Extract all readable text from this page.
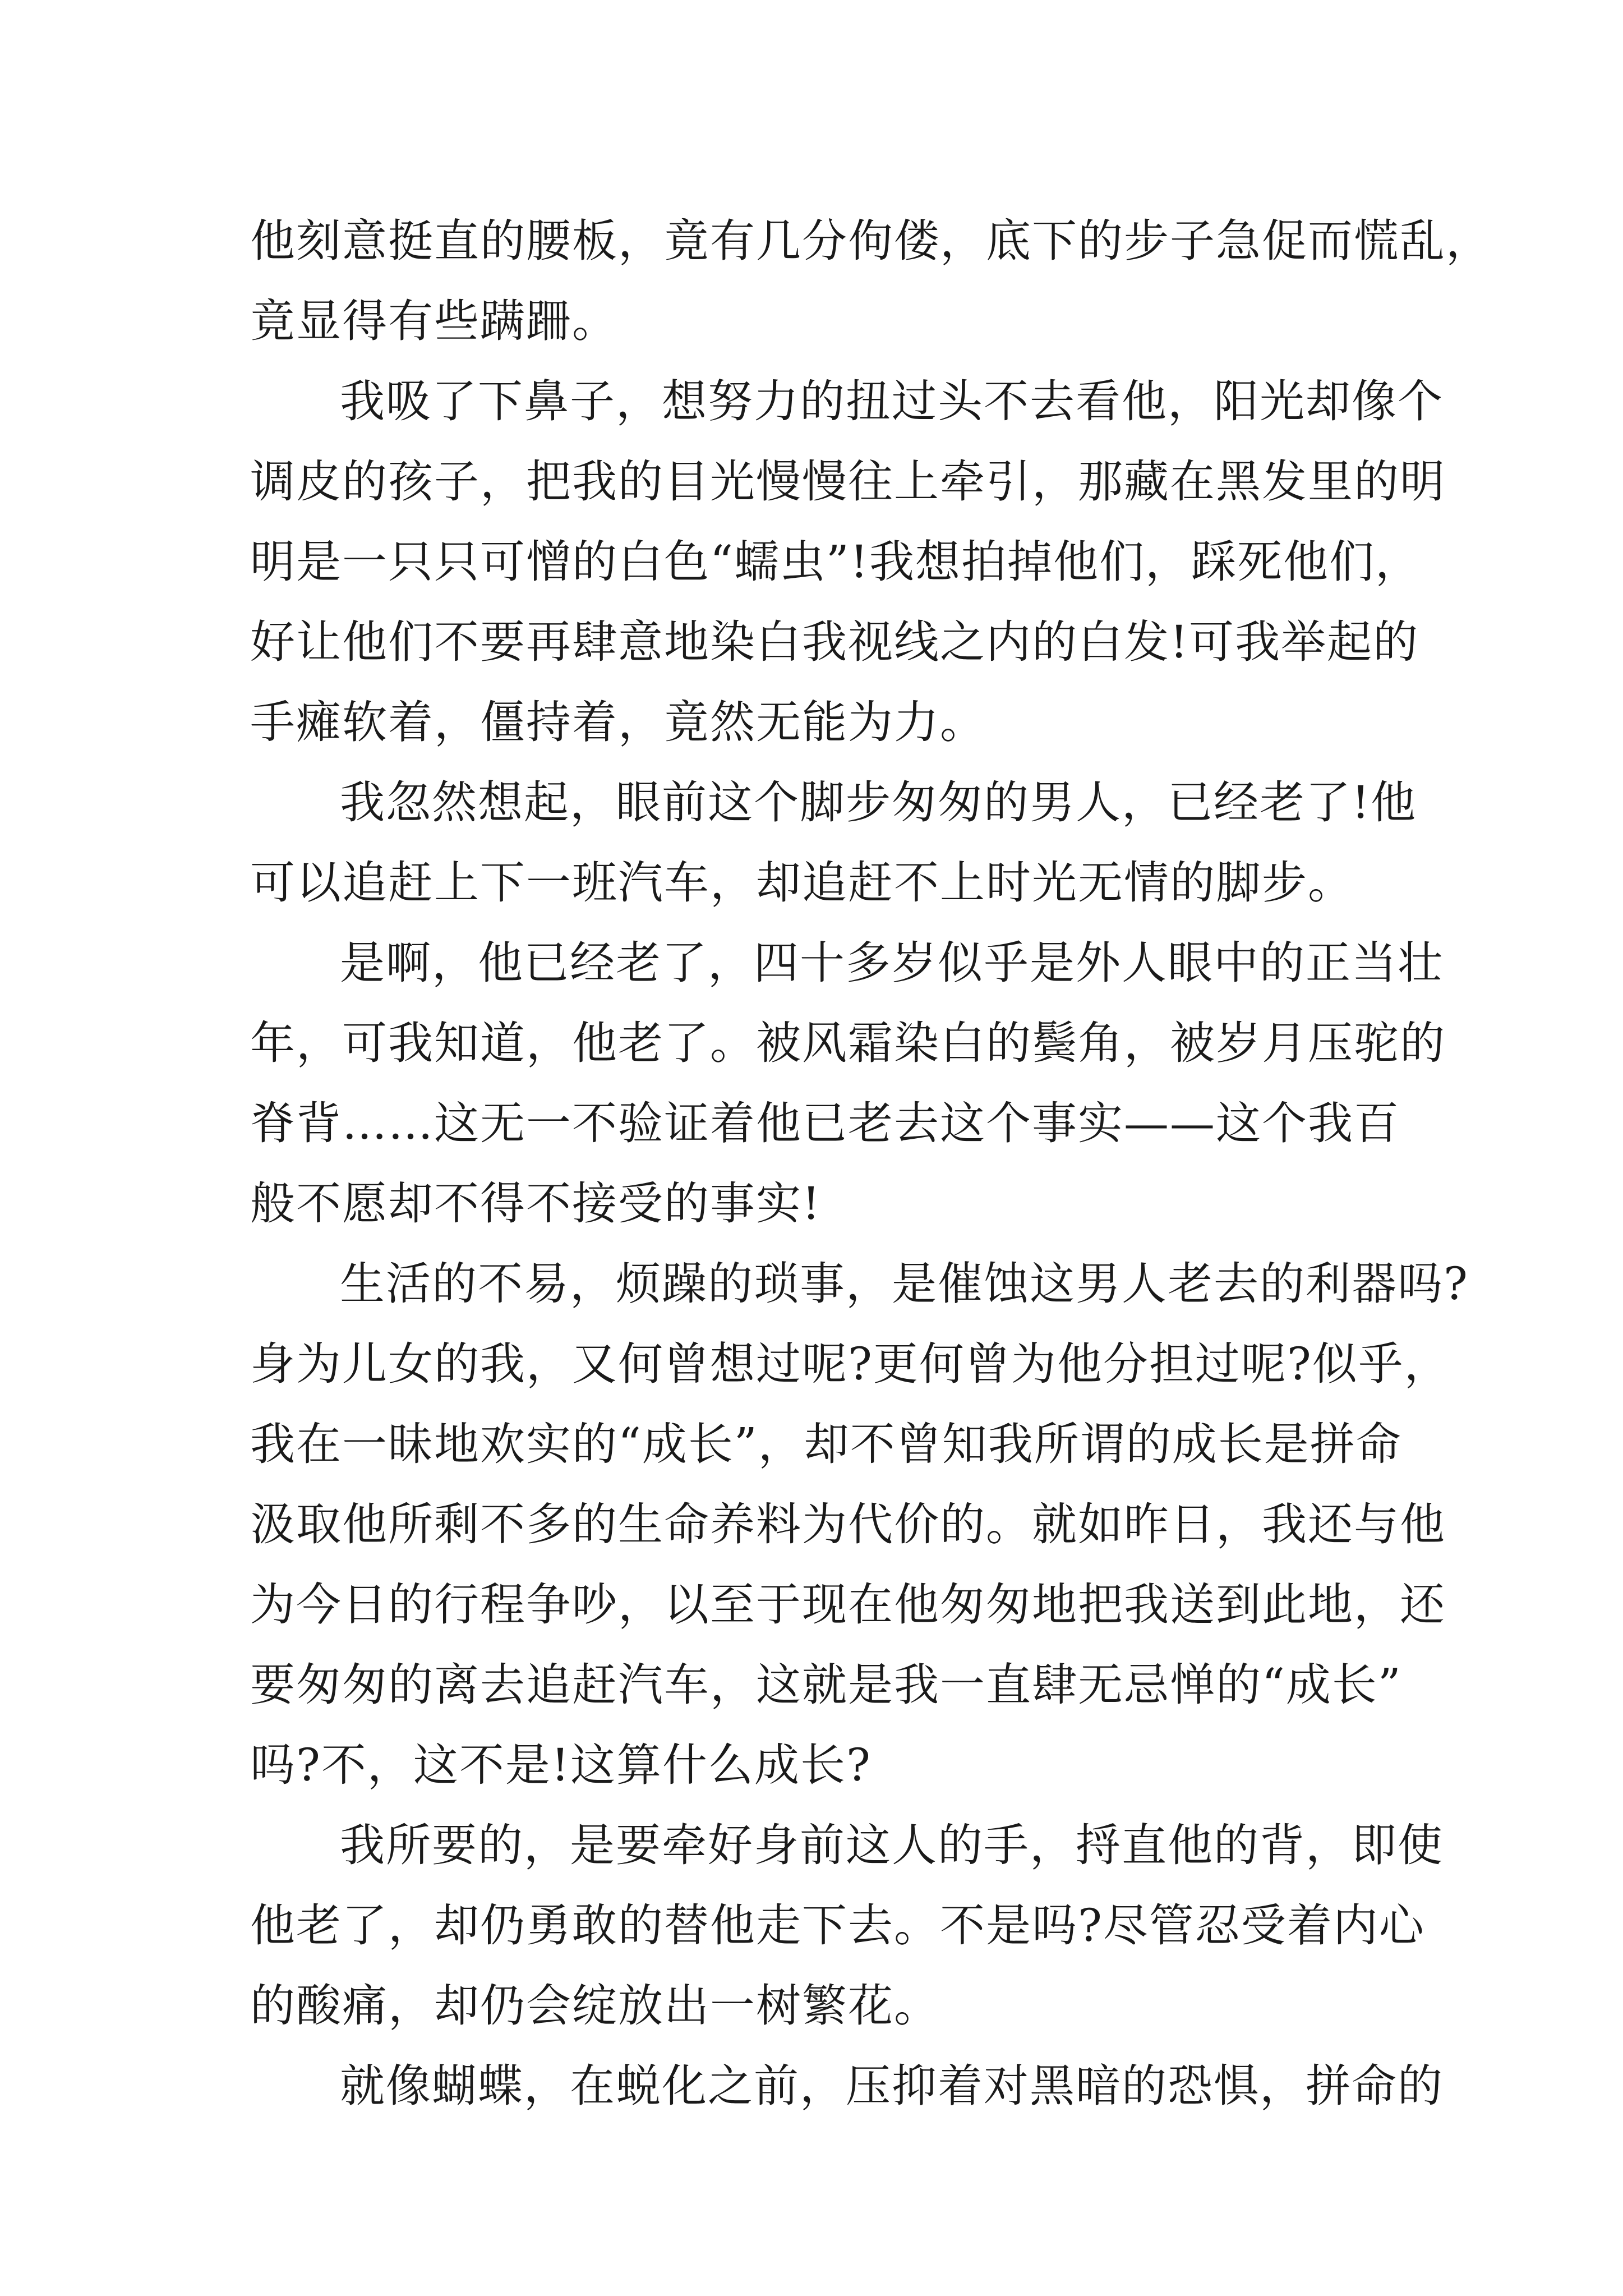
他刻意挺直的腰板，竟有几分佝偻，底下的步子急促而慌乱，
竟显得有些蹒跚。
我吸了下鼻子，想努力的扭过头不去看他，阳光却像个
调皮的孩子，把我的目光慢慢往上牵引，那藏在黑发里的明
明是一只只可憎的白色“蠕虫”!我想拍掉他们，踩死他们，
好让他们不要再肆意地染白我视线之内的白发!可我举起的
手瘫软着，僵持着，竟然无能为力。
我忽然想起，眼前这个脚步匆匆的男人，已经老了!他
可以追赶上下一班汽车，却追赶不上时光无情的脚步。
是啊，他已经老了，四十多岁似乎是外人眼中的正当壮
年，可我知道，他老了。被风霜染白的鬓角，被岁月压驼的
脊背……这无一不验证着他已老去这个事实——这个我百
般不愿却不得不接受的事实!
生活的不易，烦躁的琐事，是催蚀这男人老去的利器吗?
身为儿女的我，又何曾想过呢?更何曾为他分担过呢?似乎，
我在一昧地欢实的“成长”，却不曾知我所谓的成长是拼命
汲取他所剩不多的生命养料为代价的。就如昨日，我还与他
为今日的行程争吵，以至于现在他匆匆地把我送到此地，还
要匆匆的离去追赶汽车，这就是我一直肆无忌惮的“成长”
吗?不，这不是!这算什么成长?
我所要的，是要牵好身前这人的手，捋直他的背，即使
他老了，却仍勇敢的替他走下去。不是吗?尽管忍受着内心
的酸痛，却仍会绽放出一树繁花。
就像蝴蝶，在蜕化之前，压抑着对黑暗的恐惧，拼命的
